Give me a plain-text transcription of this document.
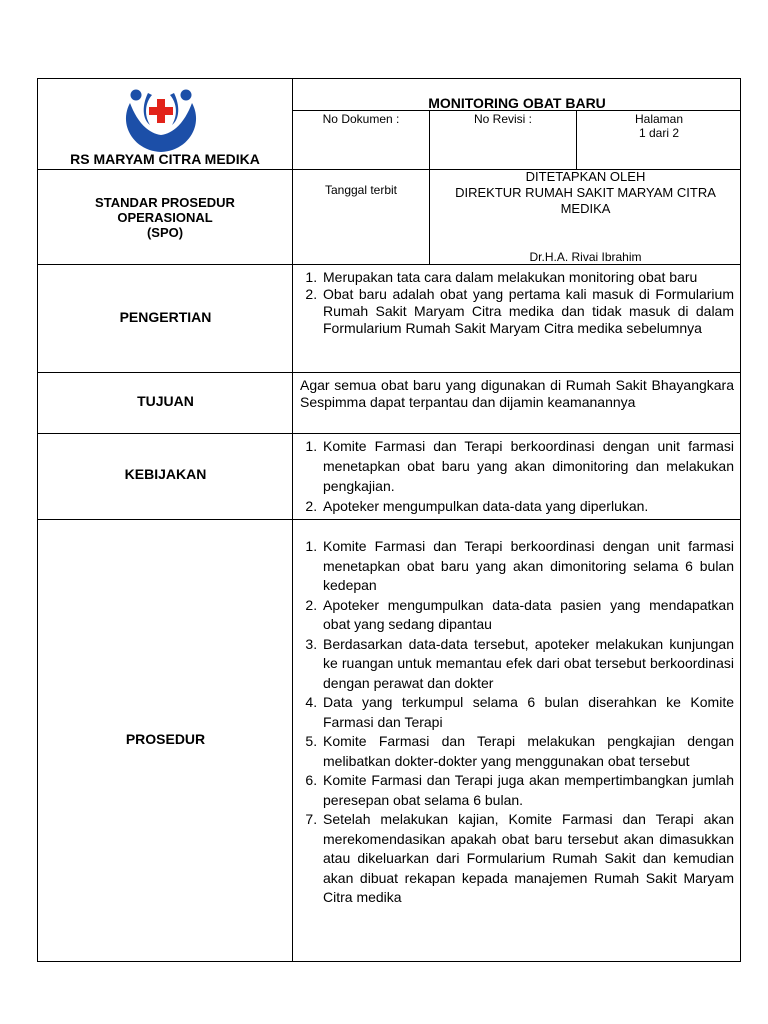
RS MARYAM CITRA MEDIKA
MONITORING OBAT BARU
No Dokumen :	No Revisi :	Halaman
1 dari 2
STANDAR PROSEDUR
OPERASIONAL
(SPO)
Tanggal terbit
DITETAPKAN OLEH
DIREKTUR RUMAH SAKIT MARYAM CITRA MEDIKA
Dr.H.A. Rivai Ibrahim
PENGERTIAN
1. Merupakan tata cara dalam melakukan monitoring obat baru
2. Obat baru adalah obat yang pertama kali masuk di Formularium Rumah Sakit Maryam Citra medika dan tidak masuk di dalam Formularium Rumah Sakit Maryam Citra medika sebelumnya
TUJUAN
Agar semua obat baru yang digunakan di Rumah Sakit Bhayangkara Sespimma dapat terpantau dan dijamin keamanannya
KEBIJAKAN
1. Komite Farmasi dan Terapi berkoordinasi dengan unit farmasi menetapkan obat baru yang akan dimonitoring dan melakukan pengkajian.
2. Apoteker mengumpulkan data-data yang diperlukan.
PROSEDUR
1. Komite Farmasi dan Terapi berkoordinasi dengan unit farmasi menetapkan obat baru yang akan dimonitoring selama 6 bulan kedepan
2. Apoteker mengumpulkan data-data pasien yang mendapatkan obat yang sedang dipantau
3. Berdasarkan data-data tersebut, apoteker melakukan kunjungan ke ruangan untuk memantau efek dari obat tersebut berkoordinasi dengan perawat dan dokter
4. Data yang terkumpul selama 6 bulan diserahkan ke Komite Farmasi dan Terapi
5. Komite Farmasi dan Terapi melakukan pengkajian dengan melibatkan dokter-dokter yang menggunakan obat tersebut
6. Komite Farmasi dan Terapi juga akan mempertimbangkan jumlah peresepan obat selama 6 bulan.
7. Setelah melakukan kajian, Komite Farmasi dan Terapi akan merekomendasikan apakah obat baru tersebut akan dimasukkan atau dikeluarkan dari Formularium Rumah Sakit dan kemudian akan dibuat rekapan kepada manajemen Rumah Sakit Maryam Citra medika
